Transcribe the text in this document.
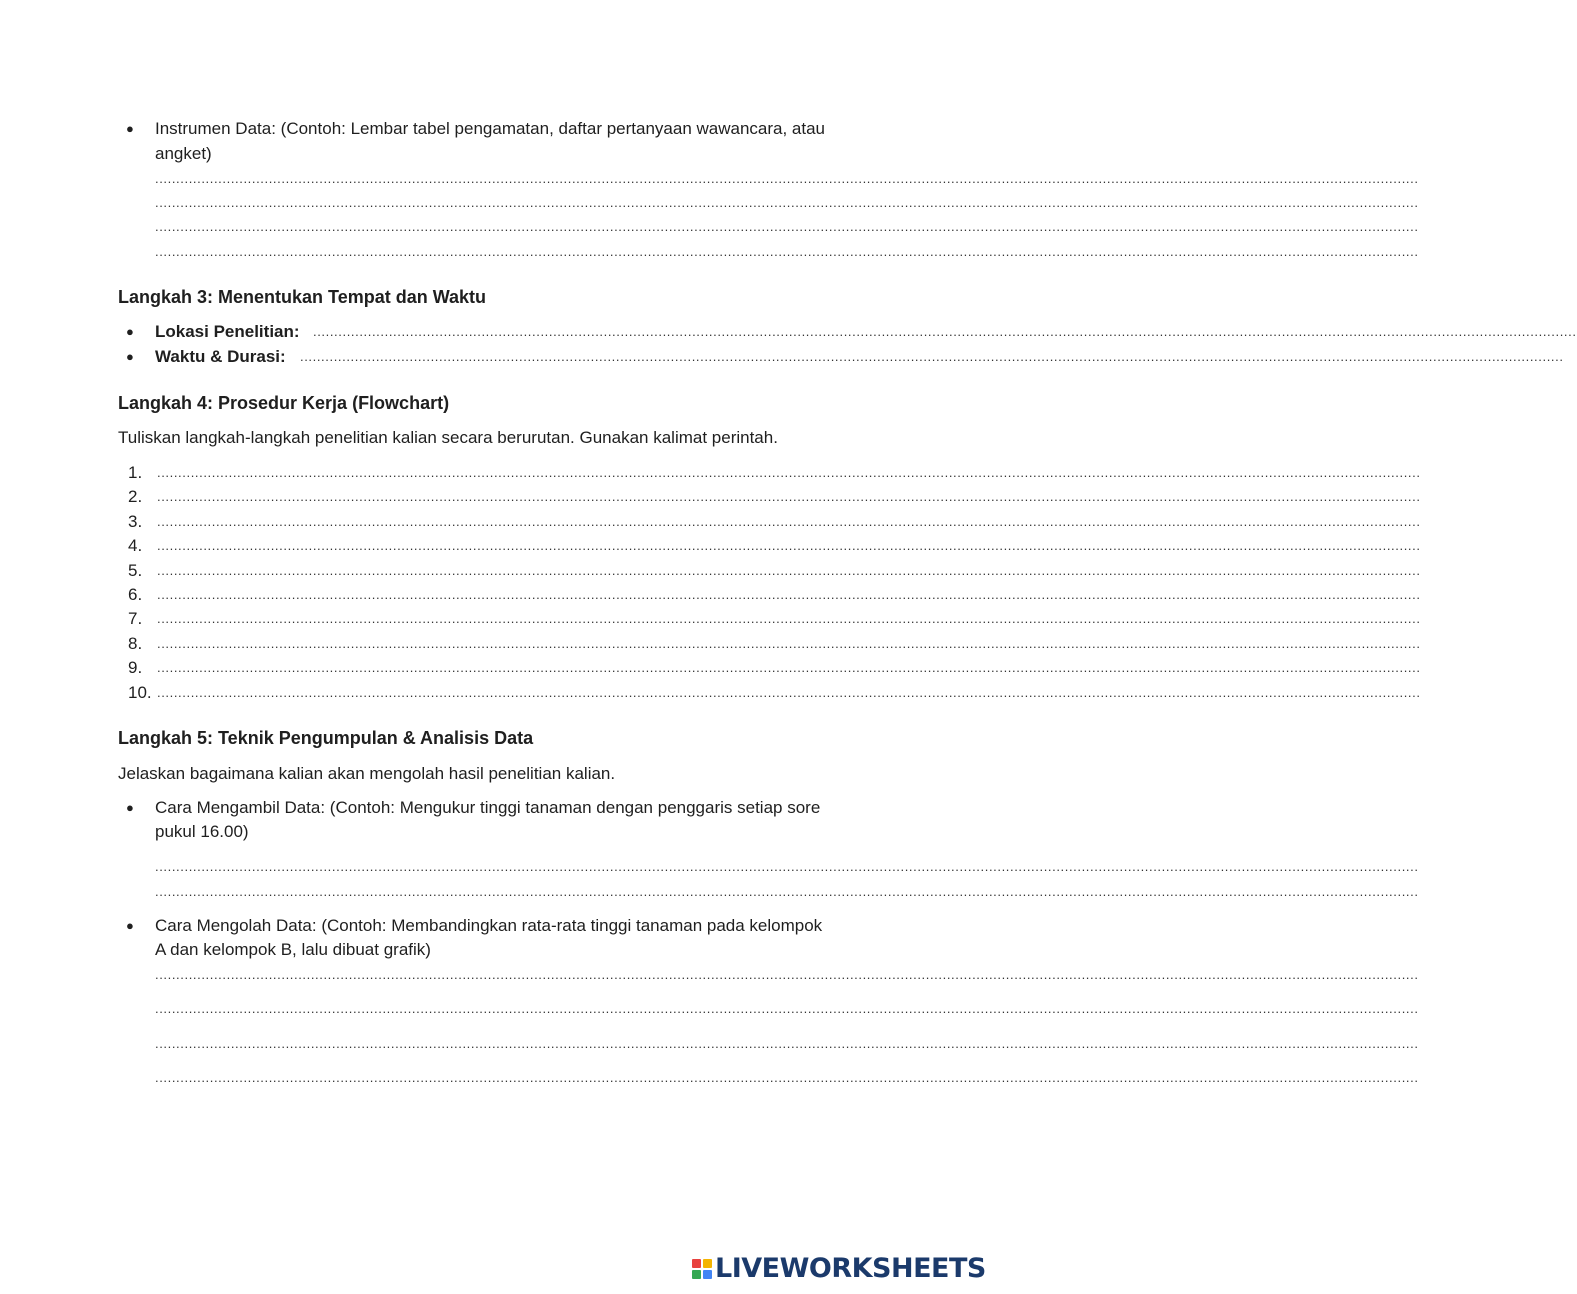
● Instrumen Data: (Contoh: Lembar tabel pengamatan, daftar pertanyaan wawancara, atau
angket)
............................................................................................................................................................................................................................................................................................................
............................................................................................................................................................................................................................................................................................................
............................................................................................................................................................................................................................................................................................................
............................................................................................................................................................................................................................................................................................................
Langkah 3: Menentukan Tempat dan Waktu
● Lokasi Penelitian: ............................................................................................................................................................................................................................................................................................................
● Waktu & Durasi: ............................................................................................................................................................................................................................................................................................................
Langkah 4: Prosedur Kerja (Flowchart)
Tuliskan langkah-langkah penelitian kalian secara berurutan. Gunakan kalimat perintah.
1. ............................................................................................................................................................................................................................................................................................................
2. ............................................................................................................................................................................................................................................................................................................
3. ............................................................................................................................................................................................................................................................................................................
4. ............................................................................................................................................................................................................................................................................................................
5. ............................................................................................................................................................................................................................................................................................................
6. ............................................................................................................................................................................................................................................................................................................
7. ............................................................................................................................................................................................................................................................................................................
8. ............................................................................................................................................................................................................................................................................................................
9. ............................................................................................................................................................................................................................................................................................................
10. ............................................................................................................................................................................................................................................................................................................
Langkah 5: Teknik Pengumpulan & Analisis Data
Jelaskan bagaimana kalian akan mengolah hasil penelitian kalian.
● Cara Mengambil Data: (Contoh: Mengukur tinggi tanaman dengan penggaris setiap sore
pukul 16.00)
............................................................................................................................................................................................................................................................................................................
............................................................................................................................................................................................................................................................................................................
● Cara Mengolah Data: (Contoh: Membandingkan rata-rata tinggi tanaman pada kelompok
A dan kelompok B, lalu dibuat grafik)
............................................................................................................................................................................................................................................................................................................
............................................................................................................................................................................................................................................................................................................
............................................................................................................................................................................................................................................................................................................
............................................................................................................................................................................................................................................................................................................
LIVEWORKSHEETS
